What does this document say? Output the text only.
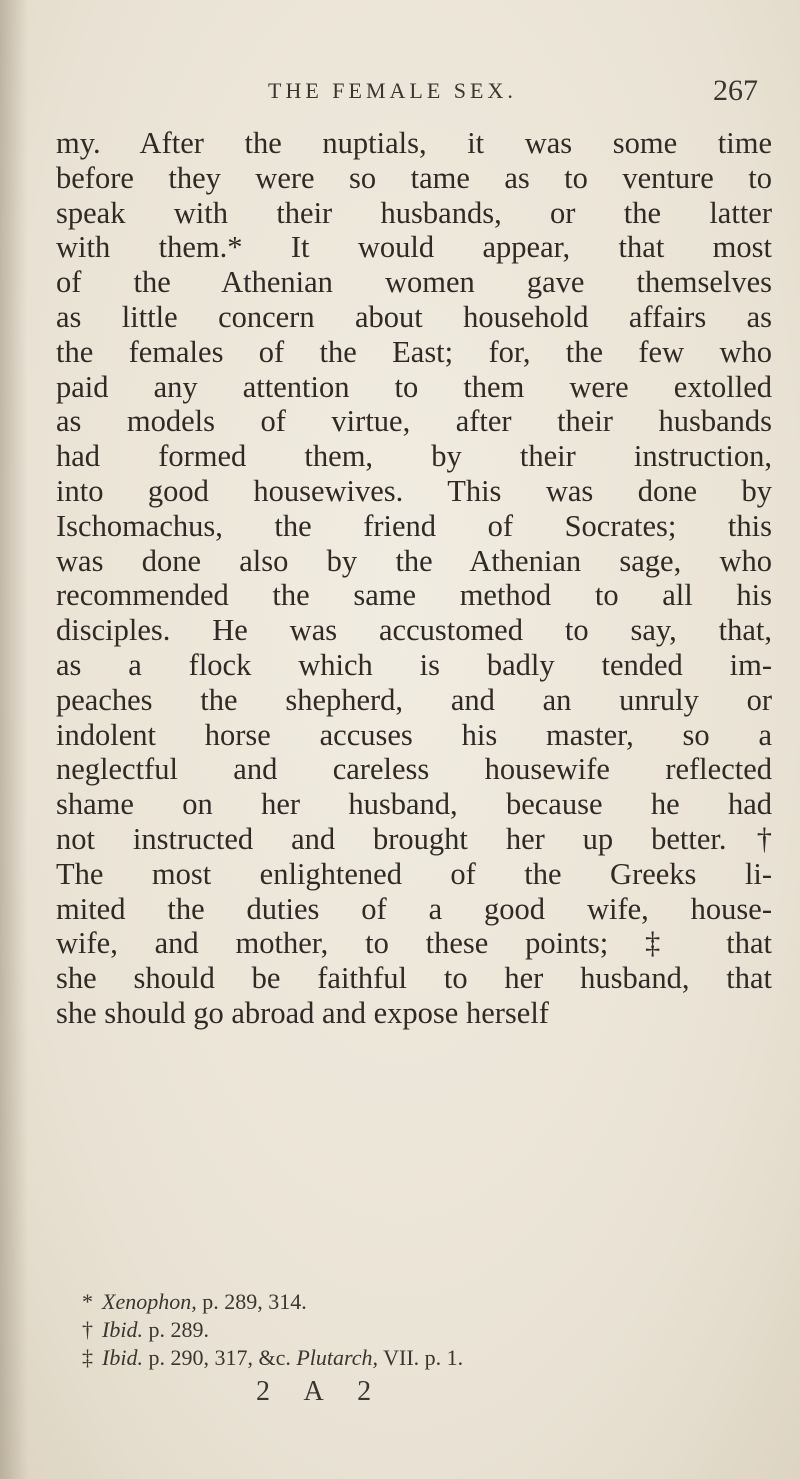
THE FEMALE SEX.	267
my. After the nuptials, it was some time
before they were so tame as to venture to
speak with their husbands, or the latter
with them.* It would appear, that most
of the Athenian women gave themselves
as little concern about household affairs as
the females of the East; for, the few who
paid any attention to them were extolled
as models of virtue, after their husbands
had formed them, by their instruction,
into good housewives. This was done by
Ischomachus, the friend of Socrates; this
was done also by the Athenian sage, who
recommended the same method to all his
disciples. He was accustomed to say, that,
as a flock which is badly tended im-
peaches the shepherd, and an unruly or
indolent horse accuses his master, so a
neglectful and careless housewife reflected
shame on her husband, because he had
not instructed and brought her up better.†
The most enlightened of the Greeks li-
mited the duties of a good wife, house-
wife, and mother, to these points; ‡ that
she should be faithful to her husband, that
she should go abroad and expose herself
* Xenophon, p. 289, 314.
† Ibid. p. 289.
‡ Ibid. p. 290, 317, &c. Plutarch, VII. p. 1.
2 A 2
